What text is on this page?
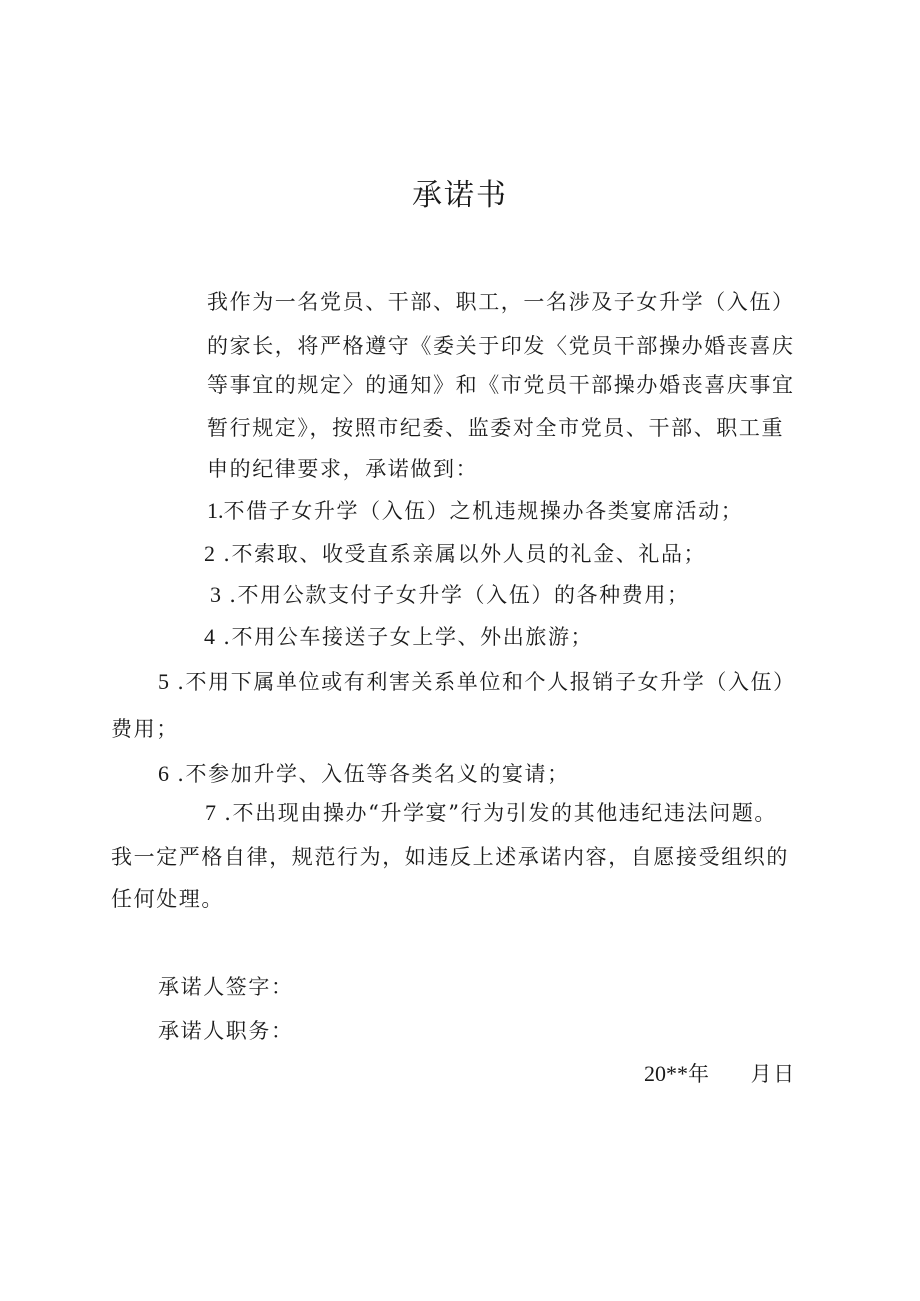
承诺书
我作为一名党员、干部、职工，一名涉及子女升学（入伍）
的家长，将严格遵守《委关于印发〈党员干部操办婚丧喜庆
等事宜的规定〉的通知》和《市党员干部操办婚丧喜庆事宜
暂行规定》，按照市纪委、监委对全市党员、干部、职工重
申的纪律要求，承诺做到：
1.不借子女升学（入伍）之机违规操办各类宴席活动；
2 .不索取、收受直系亲属以外人员的礼金、礼品；
3 .不用公款支付子女升学（入伍）的各种费用；
4 .不用公车接送子女上学、外出旅游；
5 .不用下属单位或有利害关系单位和个人报销子女升学（入伍）
费用；
6 .不参加升学、入伍等各类名义的宴请；
7 .不出现由操办“升学宴”行为引发的其他违纪违法问题。
我一定严格自律，规范行为，如违反上述承诺内容，自愿接受组织的
任何处理。
承诺人签字：
承诺人职务：
20**年 月日
